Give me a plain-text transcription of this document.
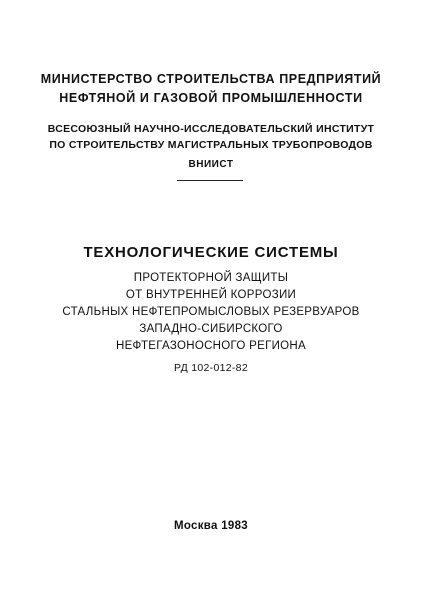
МИНИСТЕРСТВО СТРОИТЕЛЬСТВА ПРЕДПРИЯТИЙ
НЕФТЯНОЙ И ГАЗОВОЙ ПРОМЫШЛЕННОСТИ
ВСЕСОЮЗНЫЙ НАУЧНО-ИССЛЕДОВАТЕЛЬСКИЙ ИНСТИТУТ
ПО СТРОИТЕЛЬСТВУ МАГИСТРАЛЬНЫХ ТРУБОПРОВОДОВ
ВНИИСТ
ТЕХНОЛОГИЧЕСКИЕ СИСТЕМЫ
ПРОТЕКТОРНОЙ ЗАЩИТЫ
ОТ ВНУТРЕННЕЙ КОРРОЗИИ
СТАЛЬНЫХ НЕФТЕПРОМЫСЛОВЫХ РЕЗЕРВУАРОВ
ЗАПАДНО-СИБИРСКОГО
НЕФТЕГАЗОНОСНОГО РЕГИОНА
РД 102-012-82
Москва 1983
